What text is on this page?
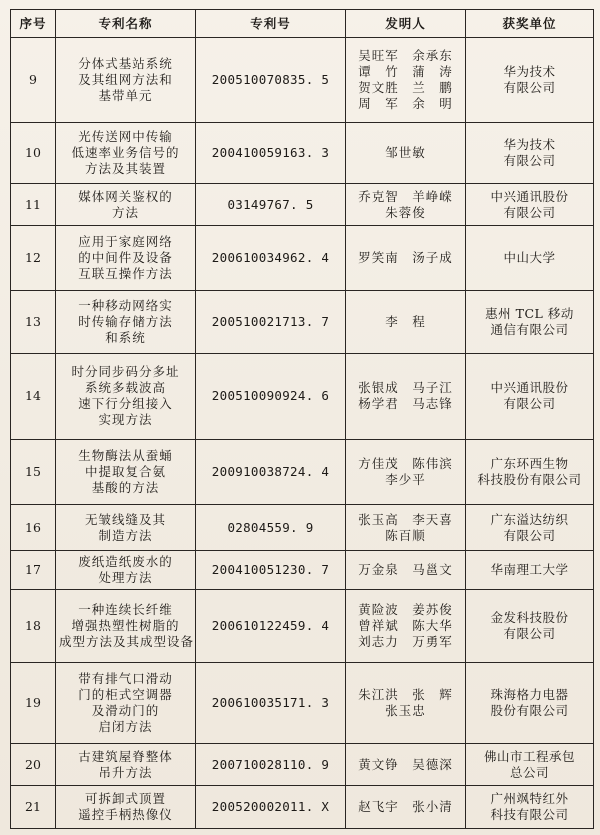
序号	专利名称	专利号	发明人	获奖单位
9	分体式基站系统
及其组网方法和
基带单元	200510070835. 5	吴旺军　余承东
谭　竹　蒲　涛
贺文胜　兰　鹏
周　军　余　明	华为技术
有限公司

10	光传送网中传输
低速率业务信号的
方法及其装置	200410059163. 3	邹世敏	华为技术
有限公司

11	媒体网关鉴权的
方法	03149767. 5	乔克智　羊峥嵘
朱蓉俊	中兴通讯股份
有限公司

12	应用于家庭网络
的中间件及设备
互联互操作方法	200610034962. 4	罗笑南　汤子成	中山大学

13	一种移动网络实
时传输存储方法
和系统	200510021713. 7	李　程	惠州 TCL 移动
通信有限公司

14	时分同步码分多址
系统多载波高
速下行分组接入
实现方法	200510090924. 6	张银成　马子江
杨学君　马志锋	中兴通讯股份
有限公司

15	生物酶法从蚕蛹
中提取复合氨
基酸的方法	200910038724. 4	方佳茂　陈伟滨
李少平	广东环西生物
科技股份有限公司

16	无皱线缝及其
制造方法	02804559. 9	张玉高　李天喜
陈百顺	广东溢达纺织
有限公司

17	废纸造纸废水的
处理方法	200410051230. 7	万金泉　马邕文	华南理工大学

18	一种连续长纤维
增强热塑性树脂的
成型方法及其成型设备	200610122459. 4	黄险波　姜苏俊
曾祥斌　陈大华
刘志力　万勇军	金发科技股份
有限公司

19	带有排气口滑动
门的柜式空调器
及滑动门的
启闭方法	200610035171. 3	朱江洪　张　辉
张玉忠	珠海格力电器
股份有限公司

20	古建筑屋脊整体
吊升方法	200710028110. 9	黄文铮　吴德深	佛山市工程承包
总公司

21	可拆卸式顶置
遥控手柄热像仪	200520002011. X	赵飞宇　张小清	广州飒特红外
科技有限公司
